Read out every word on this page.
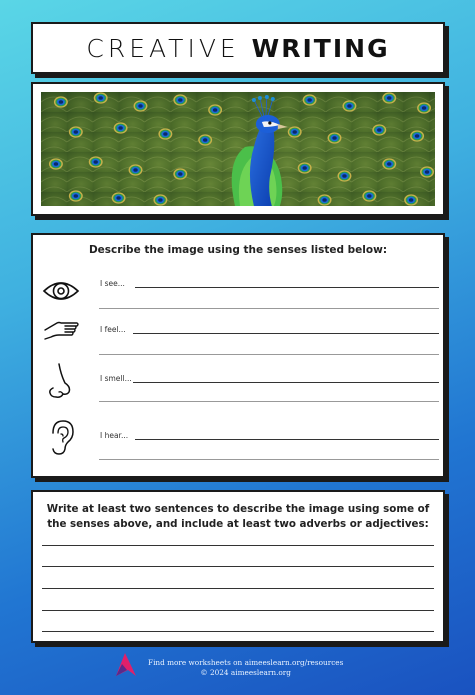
CREATIVE WRITING
Describe the image using the senses listed below:
I see...
I feel...
I smell...
I hear...
Write at least two sentences to describe the image using some of the senses above, and include at least two adverbs or adjectives:
Find more worksheets on aimeeslearn.org/resources
© 2024 aimeeslearn.org
